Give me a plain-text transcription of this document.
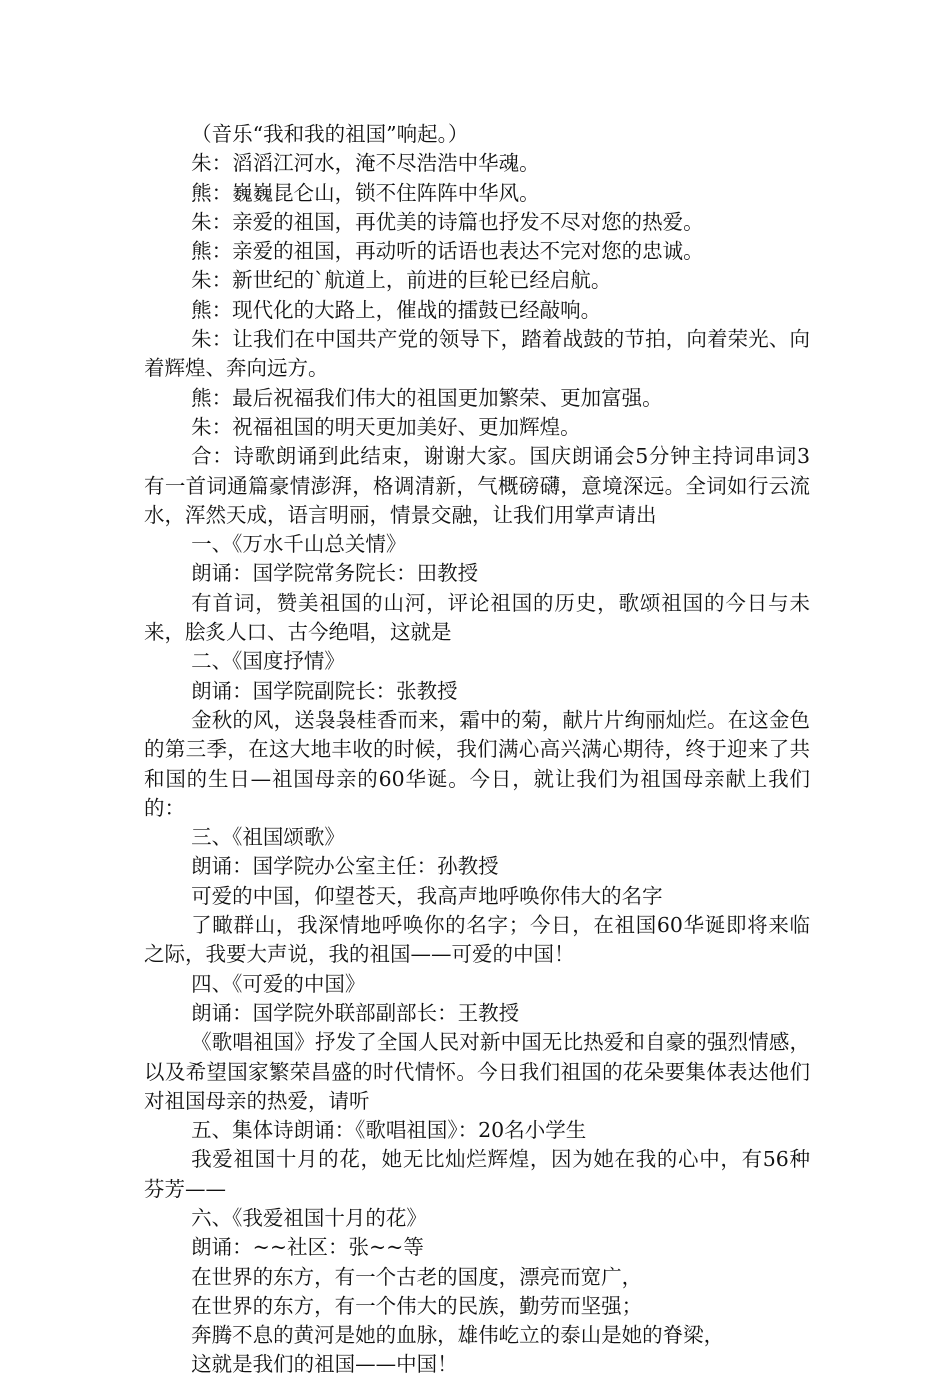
（音乐“我和我的祖国”响起。）

朱：滔滔江河水，淹不尽浩浩中华魂。

熊：巍巍昆仑山，锁不住阵阵中华风。

朱：亲爱的祖国，再优美的诗篇也抒发不尽对您的热爱。

熊：亲爱的祖国，再动听的话语也表达不完对您的忠诚。

朱：新世纪的`航道上，前进的巨轮已经启航。

熊：现代化的大路上，催战的擂鼓已经敲响。

朱：让我们在中国共产党的领导下，踏着战鼓的节拍，向着荣光、向着辉煌、奔向远方。

熊：最后祝福我们伟大的祖国更加繁荣、更加富强。

朱：祝福祖国的明天更加美好、更加辉煌。

合：诗歌朗诵到此结束，谢谢大家。国庆朗诵会5分钟主持词串词3有一首词通篇豪情澎湃，格调清新，气概磅礴，意境深远。全词如行云流水，浑然天成，语言明丽，情景交融，让我们用掌声请出

一、《万水千山总关情》

朗诵：国学院常务院长：田教授

有首词，赞美祖国的山河，评论祖国的历史，歌颂祖国的今日与未来，脍炙人口、古今绝唱，这就是

二、《国度抒情》

朗诵：国学院副院长：张教授

金秋的风，送袅袅桂香而来，霜中的菊，献片片绚丽灿烂。在这金色的第三季，在这大地丰收的时候，我们满心高兴满心期待，终于迎来了共和国的生日—祖国母亲的60华诞。今日，就让我们为祖国母亲献上我们的：

三、《祖国颂歌》

朗诵：国学院办公室主任：孙教授

可爱的中国，仰望苍天，我高声地呼唤你伟大的名字

了瞰群山，我深情地呼唤你的名字；今日，在祖国60华诞即将来临之际，我要大声说，我的祖国——可爱的中国！

四、《可爱的中国》

朗诵：国学院外联部副部长：王教授

《歌唱祖国》抒发了全国人民对新中国无比热爱和自豪的强烈情感，以及希望国家繁荣昌盛的时代情怀。今日我们祖国的花朵要集体表达他们对祖国母亲的热爱，请听

五、集体诗朗诵：《歌唱祖国》：20名小学生

我爱祖国十月的花，她无比灿烂辉煌，因为她在我的心中，有56种芬芳——

六、《我爱祖国十月的花》

朗诵：~~社区：张~~等

在世界的东方，有一个古老的国度，漂亮而宽广，

在世界的东方，有一个伟大的民族，勤劳而坚强；

奔腾不息的黄河是她的血脉，雄伟屹立的泰山是她的脊梁，

这就是我们的祖国——中国！
